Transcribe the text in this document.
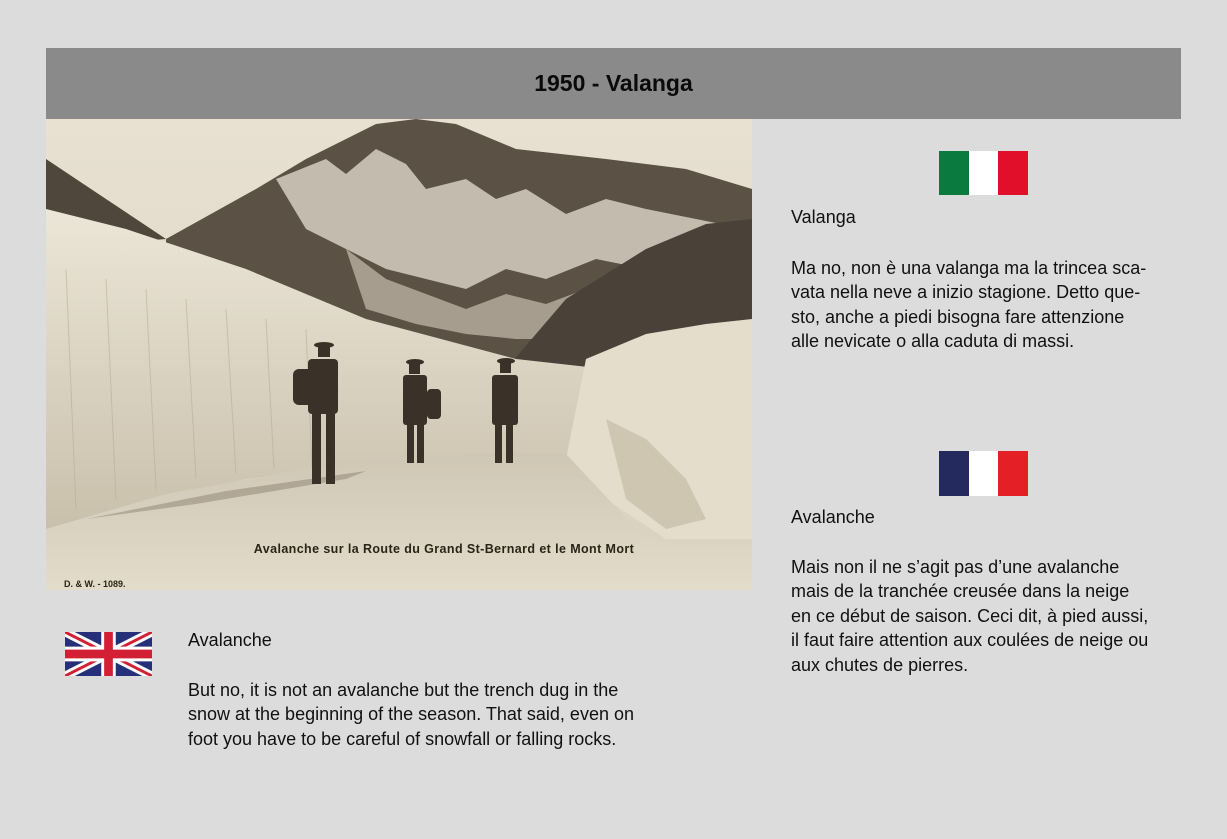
1950 - Valanga
Avalanche sur la Route du Grand St-Bernard et le Mont Mort
D. & W. - 1089.
Valanga
Ma no, non è una valanga ma la trincea sca-
vata nella neve a inizio stagione. Detto que-
sto, anche a piedi bisogna fare attenzione
alle nevicate o alla caduta di massi.
Avalanche
Mais non il ne s’agit pas d’une avalanche
mais de la tranchée creusée dans la neige
en ce début de saison. Ceci dit, à pied aussi,
il faut faire attention aux coulées de neige ou
aux chutes de pierres.
Avalanche
But no, it is not an avalanche but the trench dug in the
snow at the beginning of the season. That said, even on
foot you have to be careful of snowfall or falling rocks.
